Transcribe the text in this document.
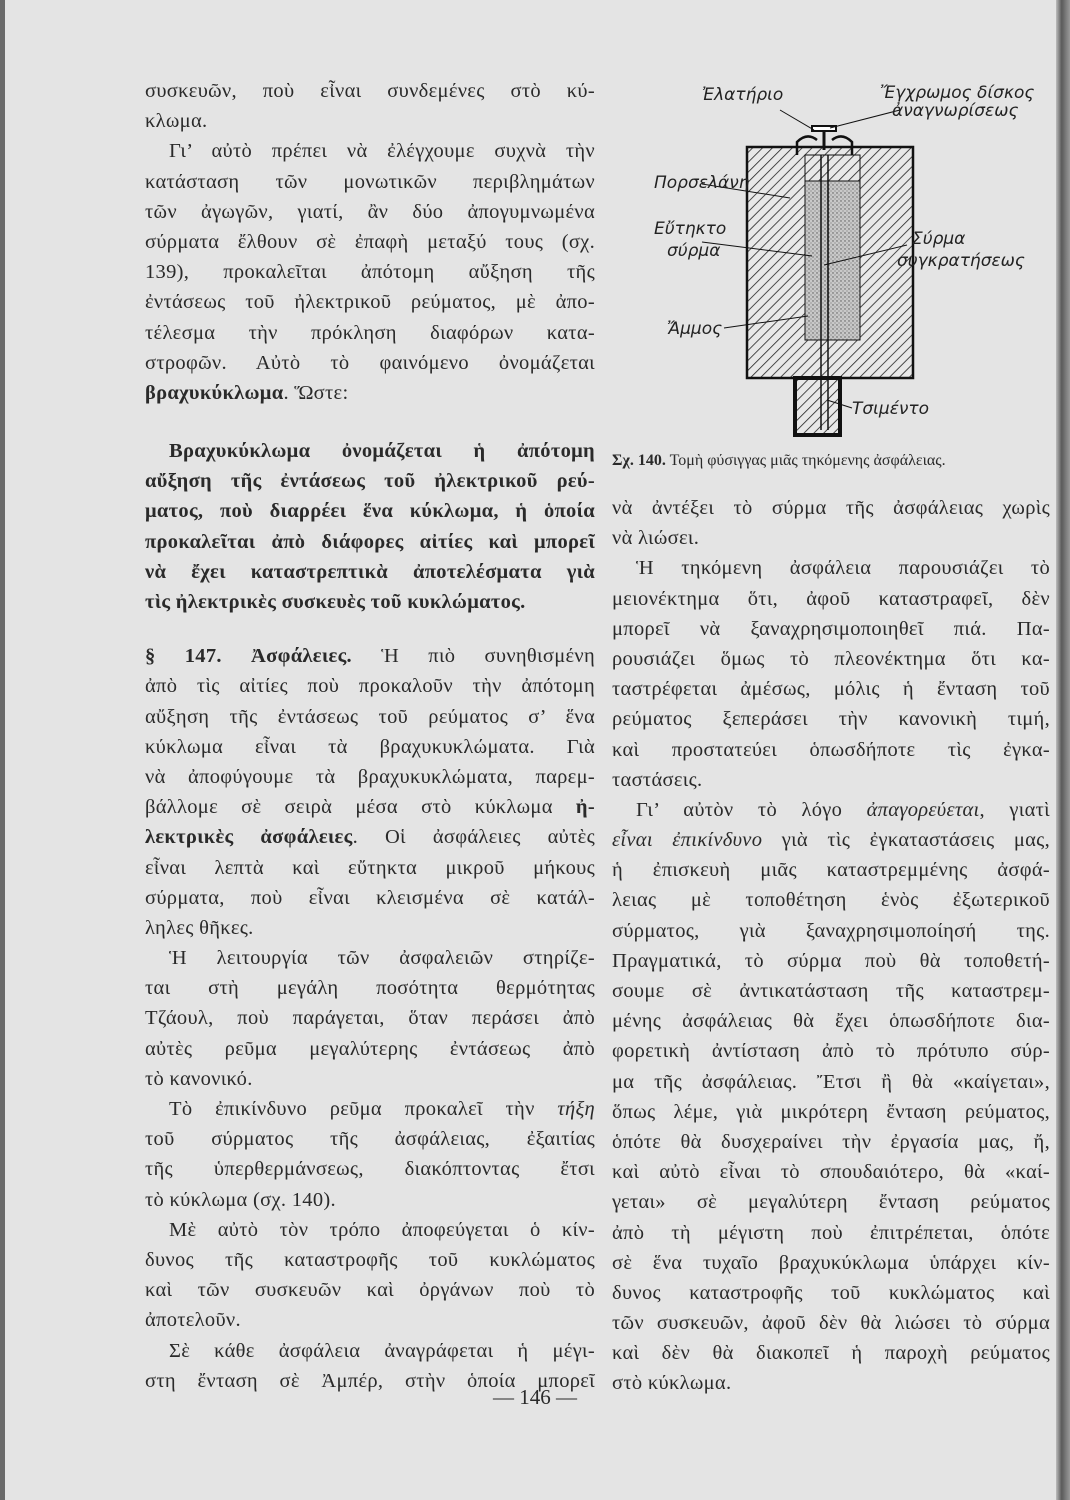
συσκευῶν, ποὺ εἶναι συνδεμένες στὸ κύ-
κλωμα.
Γι’ αὐτὸ πρέπει νὰ ἐλέγχουμε συχνὰ τὴν
κατάσταση τῶν μονωτικῶν περιβλημάτων
τῶν ἀγωγῶν, γιατί, ἂν δύο ἀπογυμνωμένα
σύρματα ἔλθουν σὲ ἐπαφὴ μεταξύ τους (σχ.
139), προκαλεῖται ἀπότομη αὔξηση τῆς
ἐντάσεως τοῦ ἠλεκτρικοῦ ρεύματος, μὲ ἀπο-
τέλεσμα τὴν πρόκληση διαφόρων κατα-
στροφῶν. Αὐτὸ τὸ φαινόμενο ὀνομάζεται
βραχυκύκλωμα. Ὥστε:
Βραχυκύκλωμα ὀνομάζεται ἡ ἀπότομη
αὔξηση τῆς ἐντάσεως τοῦ ἠλεκτρικοῦ ρεύ-
ματος, ποὺ διαρρέει ἕνα κύκλωμα, ἡ ὁποία
προκαλεῖται ἀπὸ διάφορες αἰτίες καὶ μπορεῖ
νὰ ἔχει καταστρεπτικὰ ἀποτελέσματα γιὰ
τὶς ἠλεκτρικὲς συσκευὲς τοῦ κυκλώματος.
§ 147. Ἀσφάλειες. Ἡ πιὸ συνηθισμένη
ἀπὸ τὶς αἰτίες ποὺ προκαλοῦν τὴν ἀπότομη
αὔξηση τῆς ἐντάσεως τοῦ ρεύματος σ’ ἕνα
κύκλωμα εἶναι τὰ βραχυκυκλώματα. Γιὰ
νὰ ἀποφύγουμε τὰ βραχυκυκλώματα, παρεμ-
βάλλομε σὲ σειρὰ μέσα στὸ κύκλωμα ἠ-
λεκτρικὲς ἀσφάλειες. Οἱ ἀσφάλειες αὐτὲς
εἶναι λεπτὰ καὶ εὔτηκτα μικροῦ μήκους
σύρματα, ποὺ εἶναι κλεισμένα σὲ κατάλ-
ληλες θῆκες.
Ἡ λειτουργία τῶν ἀσφαλειῶν στηρίζε-
ται στὴ μεγάλη ποσότητα θερμότητας
Τζάουλ, ποὺ παράγεται, ὅταν περάσει ἀπὸ
αὐτὲς ρεῦμα μεγαλύτερης ἐντάσεως ἀπὸ
τὸ κανονικό.
Τὸ ἐπικίνδυνο ρεῦμα προκαλεῖ τὴν τήξη
τοῦ σύρματος τῆς ἀσφάλειας, ἐξαιτίας
τῆς ὑπερθερμάνσεως, διακόπτοντας ἔτσι
τὸ κύκλωμα (σχ. 140).
Μὲ αὐτὸ τὸν τρόπο ἀποφεύγεται ὁ κίν-
δυνος τῆς καταστροφῆς τοῦ κυκλώματος
καὶ τῶν συσκευῶν καὶ ὀργάνων ποὺ τὸ
ἀποτελοῦν.
Σὲ κάθε ἀσφάλεια ἀναγράφεται ἡ μέγι-
στη ἔνταση σὲ Ἀμπέρ, στὴν ὁποία μπορεῖ
νὰ ἀντέξει τὸ σύρμα τῆς ἀσφάλειας χωρὶς
νὰ λιώσει.
Ἡ τηκόμενη ἀσφάλεια παρουσιάζει τὸ
μειονέκτημα ὅτι, ἀφοῦ καταστραφεῖ, δὲν
μπορεῖ νὰ ξαναχρησιμοποιηθεῖ πιά. Πα-
ρουσιάζει ὅμως τὸ πλεονέκτημα ὅτι κα-
ταστρέφεται ἀμέσως, μόλις ἡ ἔνταση τοῦ
ρεύματος ξεπεράσει τὴν κανονικὴ τιμή,
καὶ προστατεύει ὁπωσδήποτε τὶς ἐγκα-
ταστάσεις.
Γι’ αὐτὸν τὸ λόγο ἀπαγορεύεται, γιατὶ
εἶναι ἐπικίνδυνο γιὰ τὶς ἐγκαταστάσεις μας,
ἡ ἐπισκευὴ μιᾶς καταστρεμμένης ἀσφά-
λειας μὲ τοποθέτηση ἑνὸς ἐξωτερικοῦ
σύρματος, γιὰ ξαναχρησιμοποίησή της.
Πραγματικά, τὸ σύρμα ποὺ θὰ τοποθετή-
σουμε σὲ ἀντικατάσταση τῆς καταστρεμ-
μένης ἀσφάλειας θὰ ἔχει ὁπωσδήποτε δια-
φορετικὴ ἀντίσταση ἀπὸ τὸ πρότυπο σύρ-
μα τῆς ἀσφάλειας. Ἔτσι ἢ θὰ «καίγεται»,
ὅπως λέμε, γιὰ μικρότερη ἔνταση ρεύματος,
ὁπότε θὰ δυσχεραίνει τὴν ἐργασία μας, ἤ,
καὶ αὐτὸ εἶναι τὸ σπουδαιότερο, θὰ «καί-
γεται» σὲ μεγαλύτερη ἔνταση ρεύματος
ἀπὸ τὴ μέγιστη ποὺ ἐπιτρέπεται, ὁπότε
σὲ ἕνα τυχαῖο βραχυκύκλωμα ὑπάρχει κίν-
δυνος καταστροφῆς τοῦ κυκλώματος καὶ
τῶν συσκευῶν, ἀφοῦ δὲν θὰ λιώσει τὸ σύρμα
καὶ δὲν θὰ διακοπεῖ ἡ παροχὴ ρεύματος
στὸ κύκλωμα.
Ἐλατήριο	Ἔγχρωμος δίσκος
ἀναγνωρίσεως
Πορσελάνη
Εὔτηκτο
σύρμα
Σύρμα
συγκρατήσεως
Ἄμμος
Τσιμέντο
Σχ. 140. Τομὴ φύσιγγας μιᾶς τηκόμενης ἀσφάλειας.
— 146 —
